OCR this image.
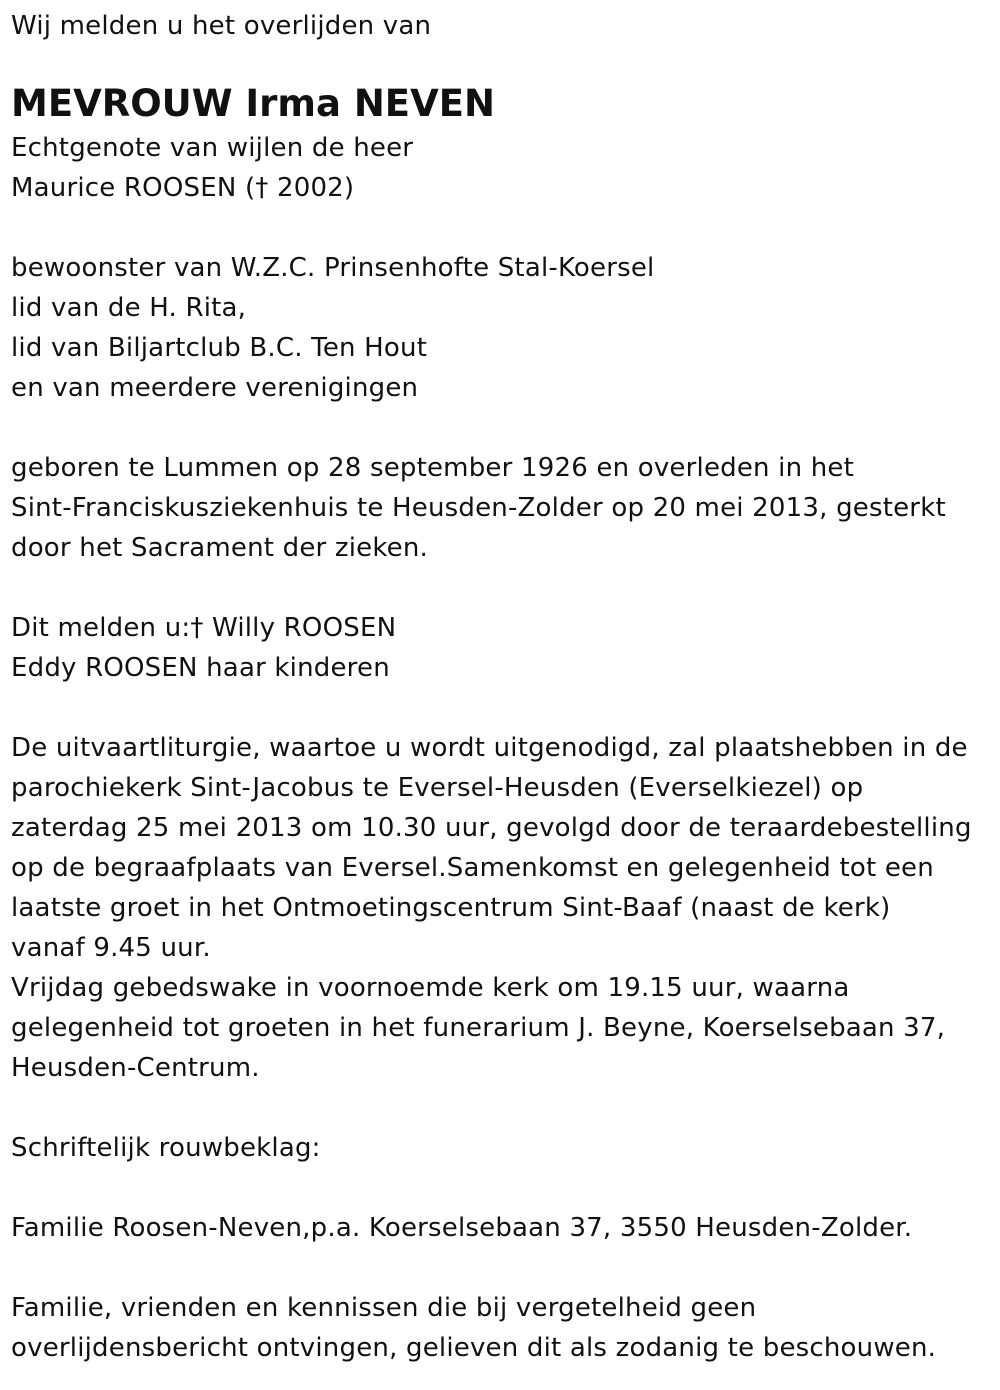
Wij melden u het overlijden van
MEVROUW Irma NEVEN
Echtgenote van wijlen de heer
Maurice ROOSEN († 2002)
bewoonster van W.Z.C. Prinsenhofte Stal-Koersel
lid van de H. Rita,
lid van Biljartclub B.C. Ten Hout
en van meerdere verenigingen
geboren te Lummen op 28 september 1926 en overleden in het
Sint-Franciskusziekenhuis te Heusden-Zolder op 20 mei 2013, gesterkt
door het Sacrament der zieken.
Dit melden u:† Willy ROOSEN
Eddy ROOSEN haar kinderen
De uitvaartliturgie, waartoe u wordt uitgenodigd, zal plaatshebben in de
parochiekerk Sint-Jacobus te Eversel-Heusden (Everselkiezel) op
zaterdag 25 mei 2013 om 10.30 uur, gevolgd door de teraardebestelling
op de begraafplaats van Eversel.Samenkomst en gelegenheid tot een
laatste groet in het Ontmoetingscentrum Sint-Baaf (naast de kerk)
vanaf 9.45 uur.
Vrijdag gebedswake in voornoemde kerk om 19.15 uur, waarna
gelegenheid tot groeten in het funerarium J. Beyne, Koerselsebaan 37,
Heusden-Centrum.
Schriftelijk rouwbeklag:
Familie Roosen-Neven,p.a. Koerselsebaan 37, 3550 Heusden-Zolder.
Familie, vrienden en kennissen die bij vergetelheid geen
overlijdensbericht ontvingen, gelieven dit als zodanig te beschouwen.
